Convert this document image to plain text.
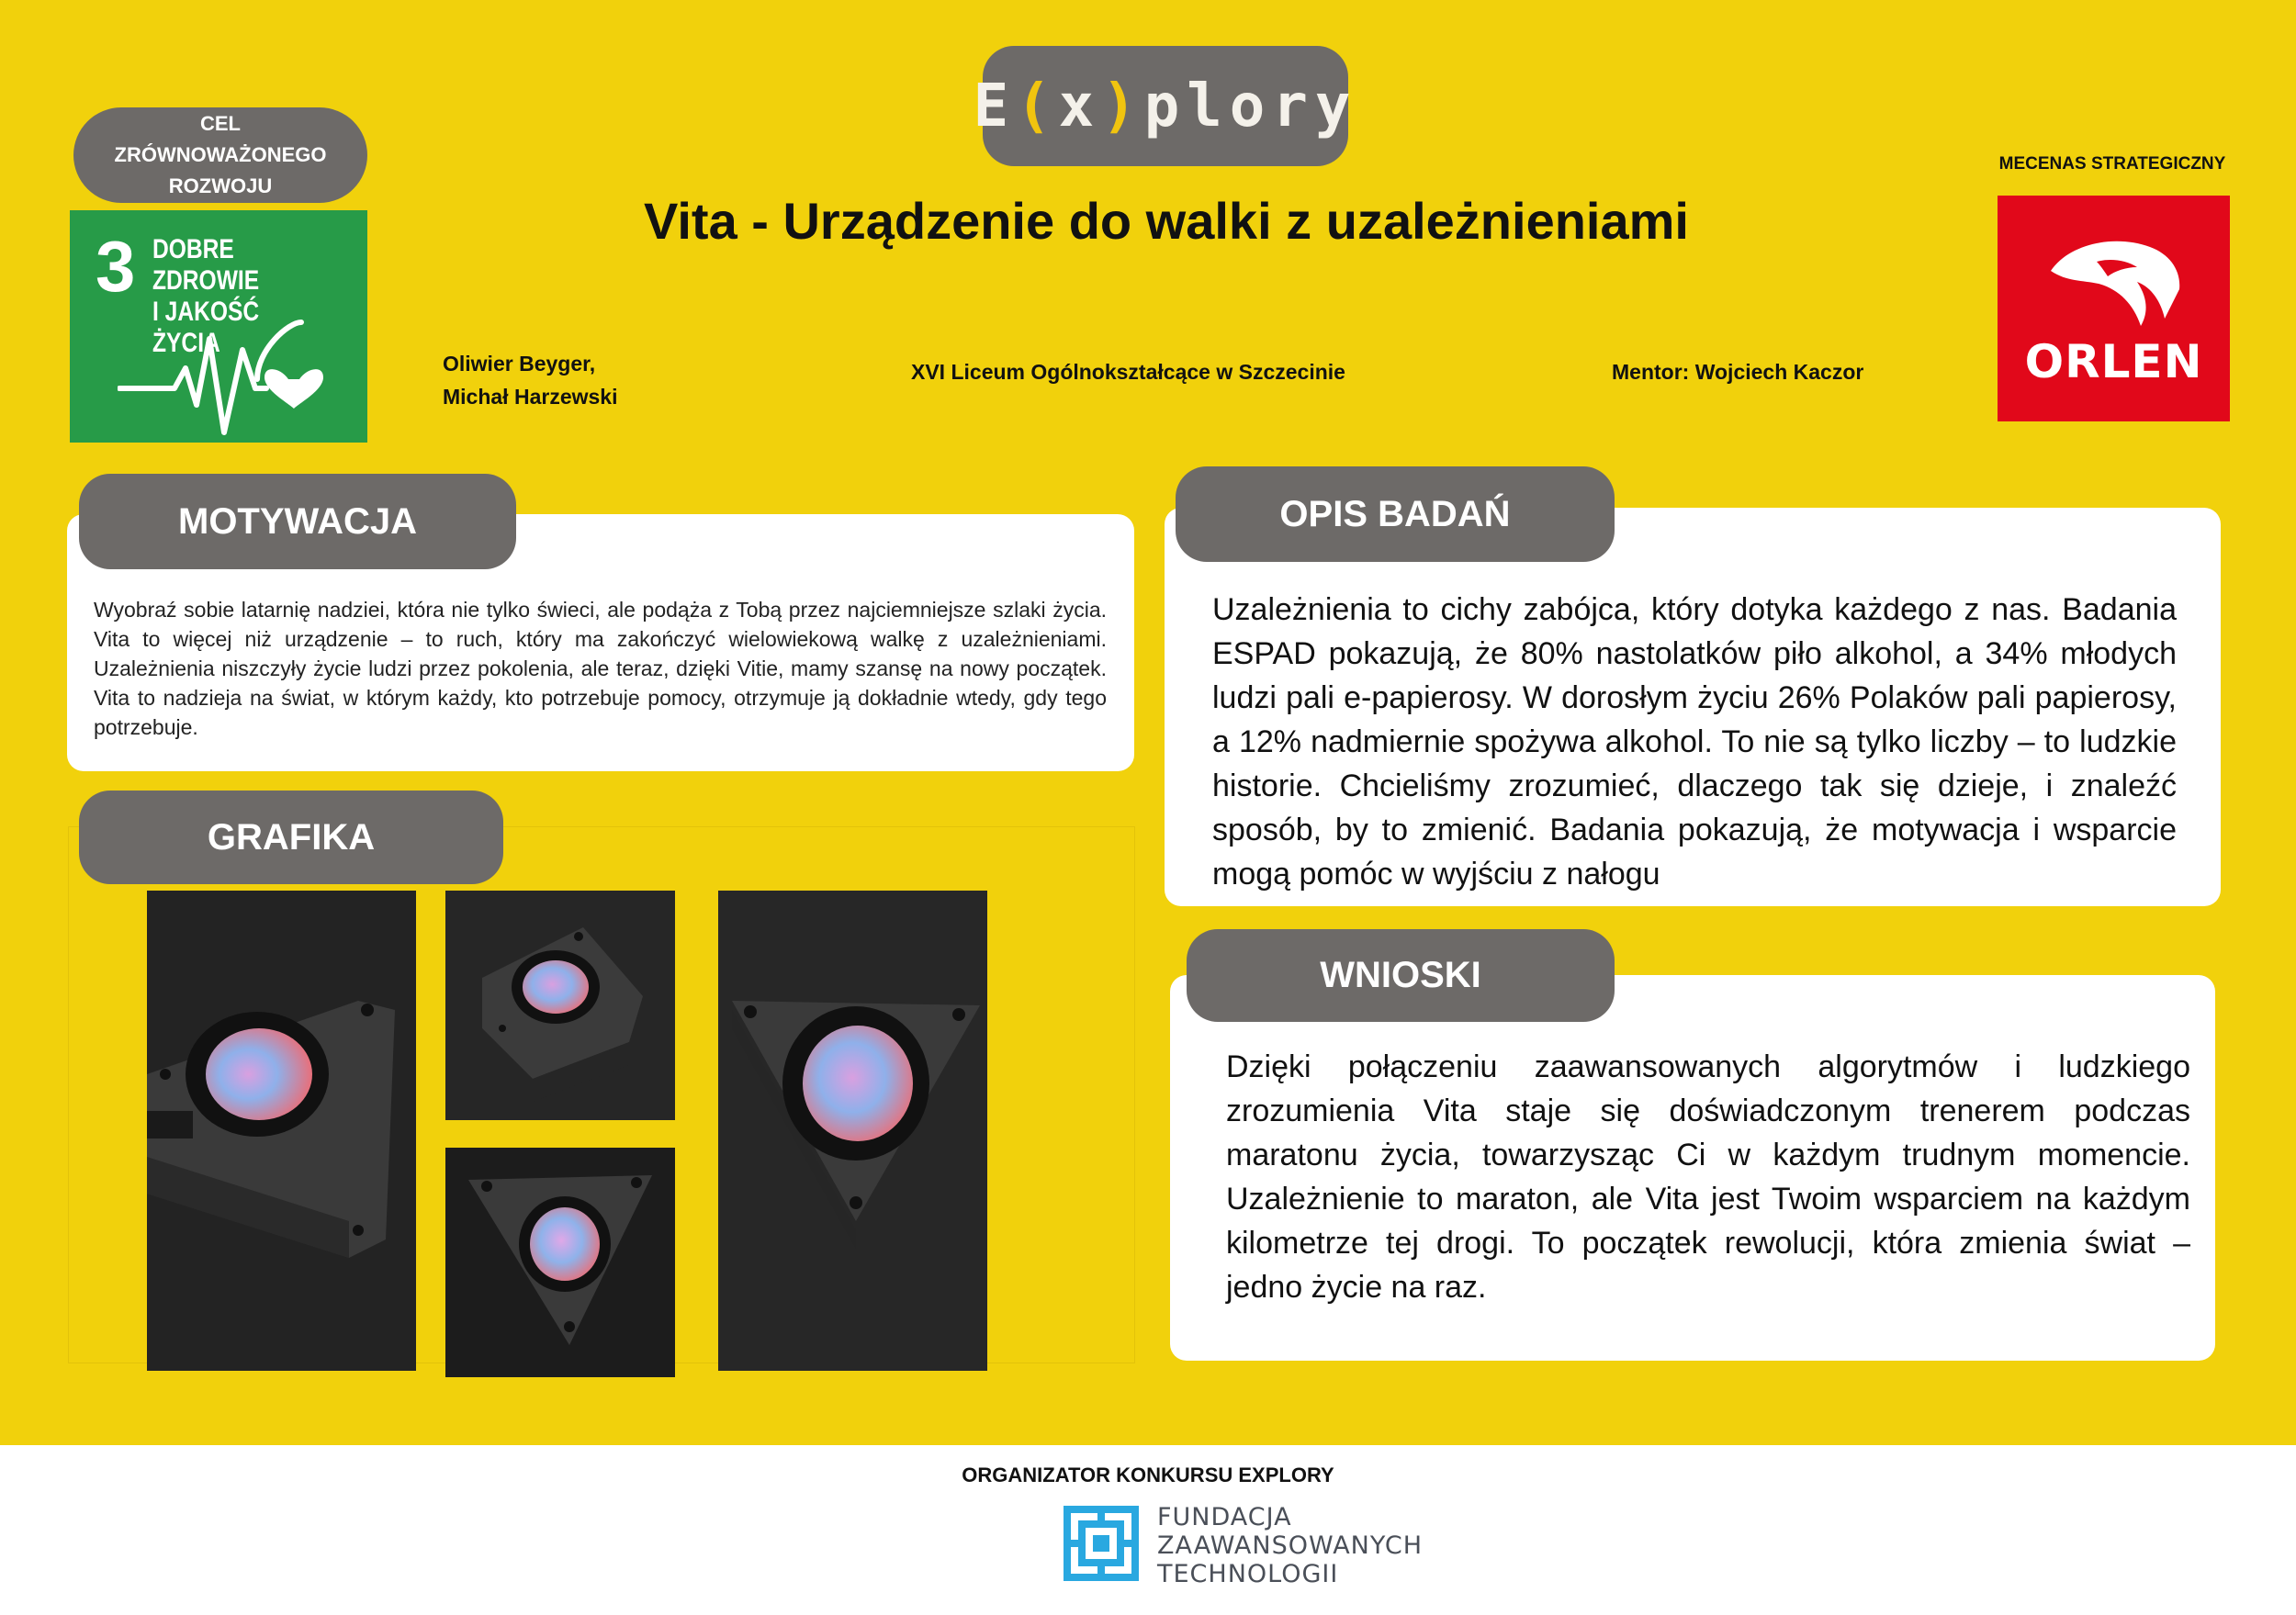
E(x)plory
Vita - Urządzenie do walki z uzależnieniami
CEL
ZRÓWNOWAŻONEGO
ROZWOJU
3 DOBRE ZDROWIE
I JAKOŚĆ ŻYCIA
Oliwier Beyger,
Michał Harzewski
XVI Liceum Ogólnokształcące w Szczecinie	Mentor: Wojciech Kaczor
MECENAS STRATEGICZNY
ORLEN
MOTYWACJA

Wyobraź sobie latarnię nadziei, która nie tylko świeci, ale podąża z Tobą przez najciemniejsze szlaki życia. Vita to więcej niż urządzenie – to ruch, który ma zakończyć wielowiekową walkę z uzależnieniami. Uzależnienia niszczyły życie ludzi przez pokolenia, ale teraz, dzięki Vitie, mamy szansę na nowy początek. Vita to nadzieja na świat, w którym każdy, kto potrzebuje pomocy, otrzymuje ją dokładnie wtedy, gdy tego potrzebuje.

GRAFIKA
OPIS BADAŃ

Uzależnienia to cichy zabójca, który dotyka każdego z nas. Badania ESPAD pokazują, że 80% nastolatków piło alkohol, a 34% młodych ludzi pali e-papierosy. W dorosłym życiu 26% Polaków pali papierosy, a 12% nadmiernie spożywa alkohol. To nie są tylko liczby – to ludzkie historie. Chcieliśmy zrozumieć, dlaczego tak się dzieje, i znaleźć sposób, by to zmienić. Badania pokazują, że motywacja i wsparcie mogą pomóc w wyjściu z nałogu

WNIOSKI

Dzięki połączeniu zaawansowanych algorytmów i ludzkiego zrozumienia Vita staje się doświadczonym trenerem podczas maratonu życia, towarzysząc Ci w każdym trudnym momencie. Uzależnienie to maraton, ale Vita jest Twoim wsparciem na każdym kilometrze tej drogi. To początek rewolucji, która zmienia świat – jedno życie na raz.

ORGANIZATOR KONKURSU EXPLORY
FUNDACJA
ZAAWANSOWANYCH
TECHNOLOGII
